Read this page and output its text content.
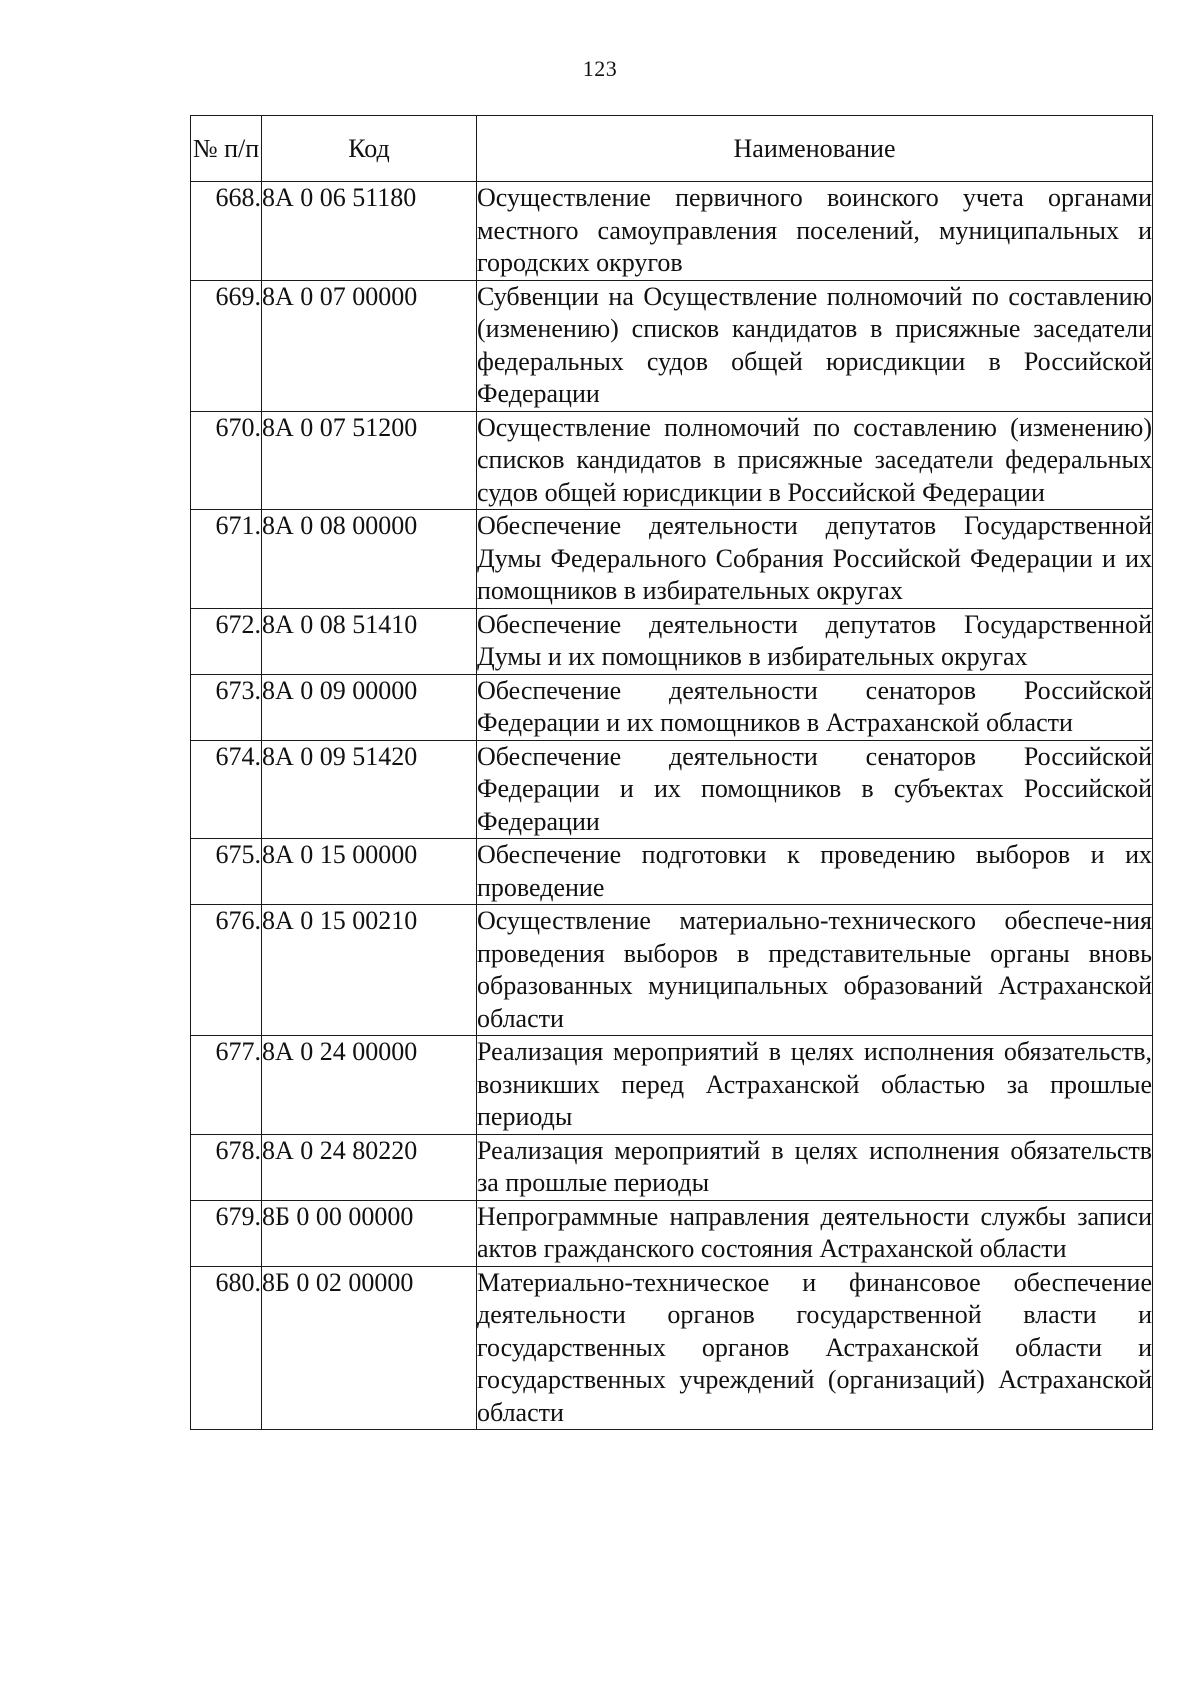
123
№ п/п	Код	Наименование
668.	8А 0 06 51180	Осуществление первичного воинского учета органами местного самоуправления поселений, муниципальных и городских округов
669.	8А 0 07 00000	Субвенции на Осуществление полномочий по составлению (изменению) списков кандидатов в присяжные заседатели федеральных судов общей юрисдикции в Российской Федерации
670.	8А 0 07 51200	Осуществление полномочий по составлению (изменению) списков кандидатов в присяжные заседатели федеральных судов общей юрисдикции в Российской Федерации
671.	8А 0 08 00000	Обеспечение деятельности депутатов Государственной Думы Федерального Собрания Российской Федерации и их помощников в избирательных округах
672.	8А 0 08 51410	Обеспечение деятельности депутатов Государственной Думы и их помощников в избирательных округах
673.	8А 0 09 00000	Обеспечение деятельности сенаторов Российской Федерации и их помощников в Астраханской области
674.	8А 0 09 51420	Обеспечение деятельности сенаторов Российской Федерации и их помощников в субъектах Российской Федерации
675.	8А 0 15 00000	Обеспечение подготовки к проведению выборов и их проведение
676.	8А 0 15 00210	Осуществление материально-технического обеспече-ния проведения выборов в представительные органы вновь образованных муниципальных образований Астраханской области
677.	8А 0 24 00000	Реализация мероприятий в целях исполнения обязательств, возникших перед Астраханской областью за прошлые периоды
678.	8А 0 24 80220	Реализация мероприятий в целях исполнения обязательств за прошлые периоды
679.	8Б 0 00 00000	Непрограммные направления деятельности службы записи актов гражданского состояния Астраханской области
680.	8Б 0 02 00000	Материально-техническое и финансовое обеспечение деятельности органов государственной власти и государственных органов Астраханской области и государственных учреждений (организаций) Астраханской области
